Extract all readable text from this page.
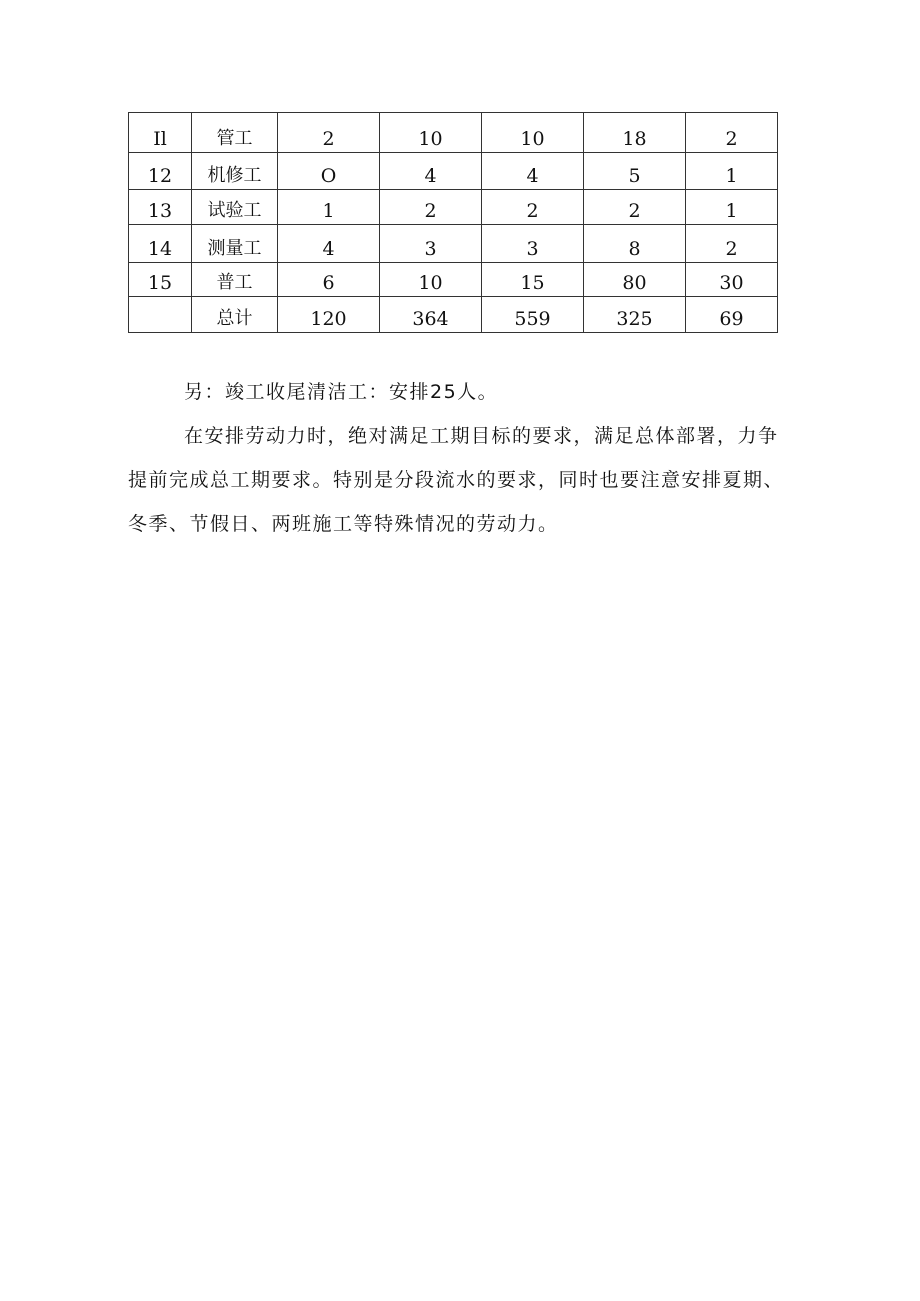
Il	管工	2	10	10	18	2
12	机修工	O	4	4	5	1
13	试验工	1	2	2	2	1
14	测量工	4	3	3	8	2
15	普工	6	10	15	80	30
	总计	120	364	559	325	69

另：竣工收尾清洁工：安排25人。

在安排劳动力时，绝对满足工期目标的要求，满足总体部署，力争提前完成总工期要求。特别是分段流水的要求，同时也要注意安排夏期、冬季、节假日、两班施工等特殊情况的劳动力。
